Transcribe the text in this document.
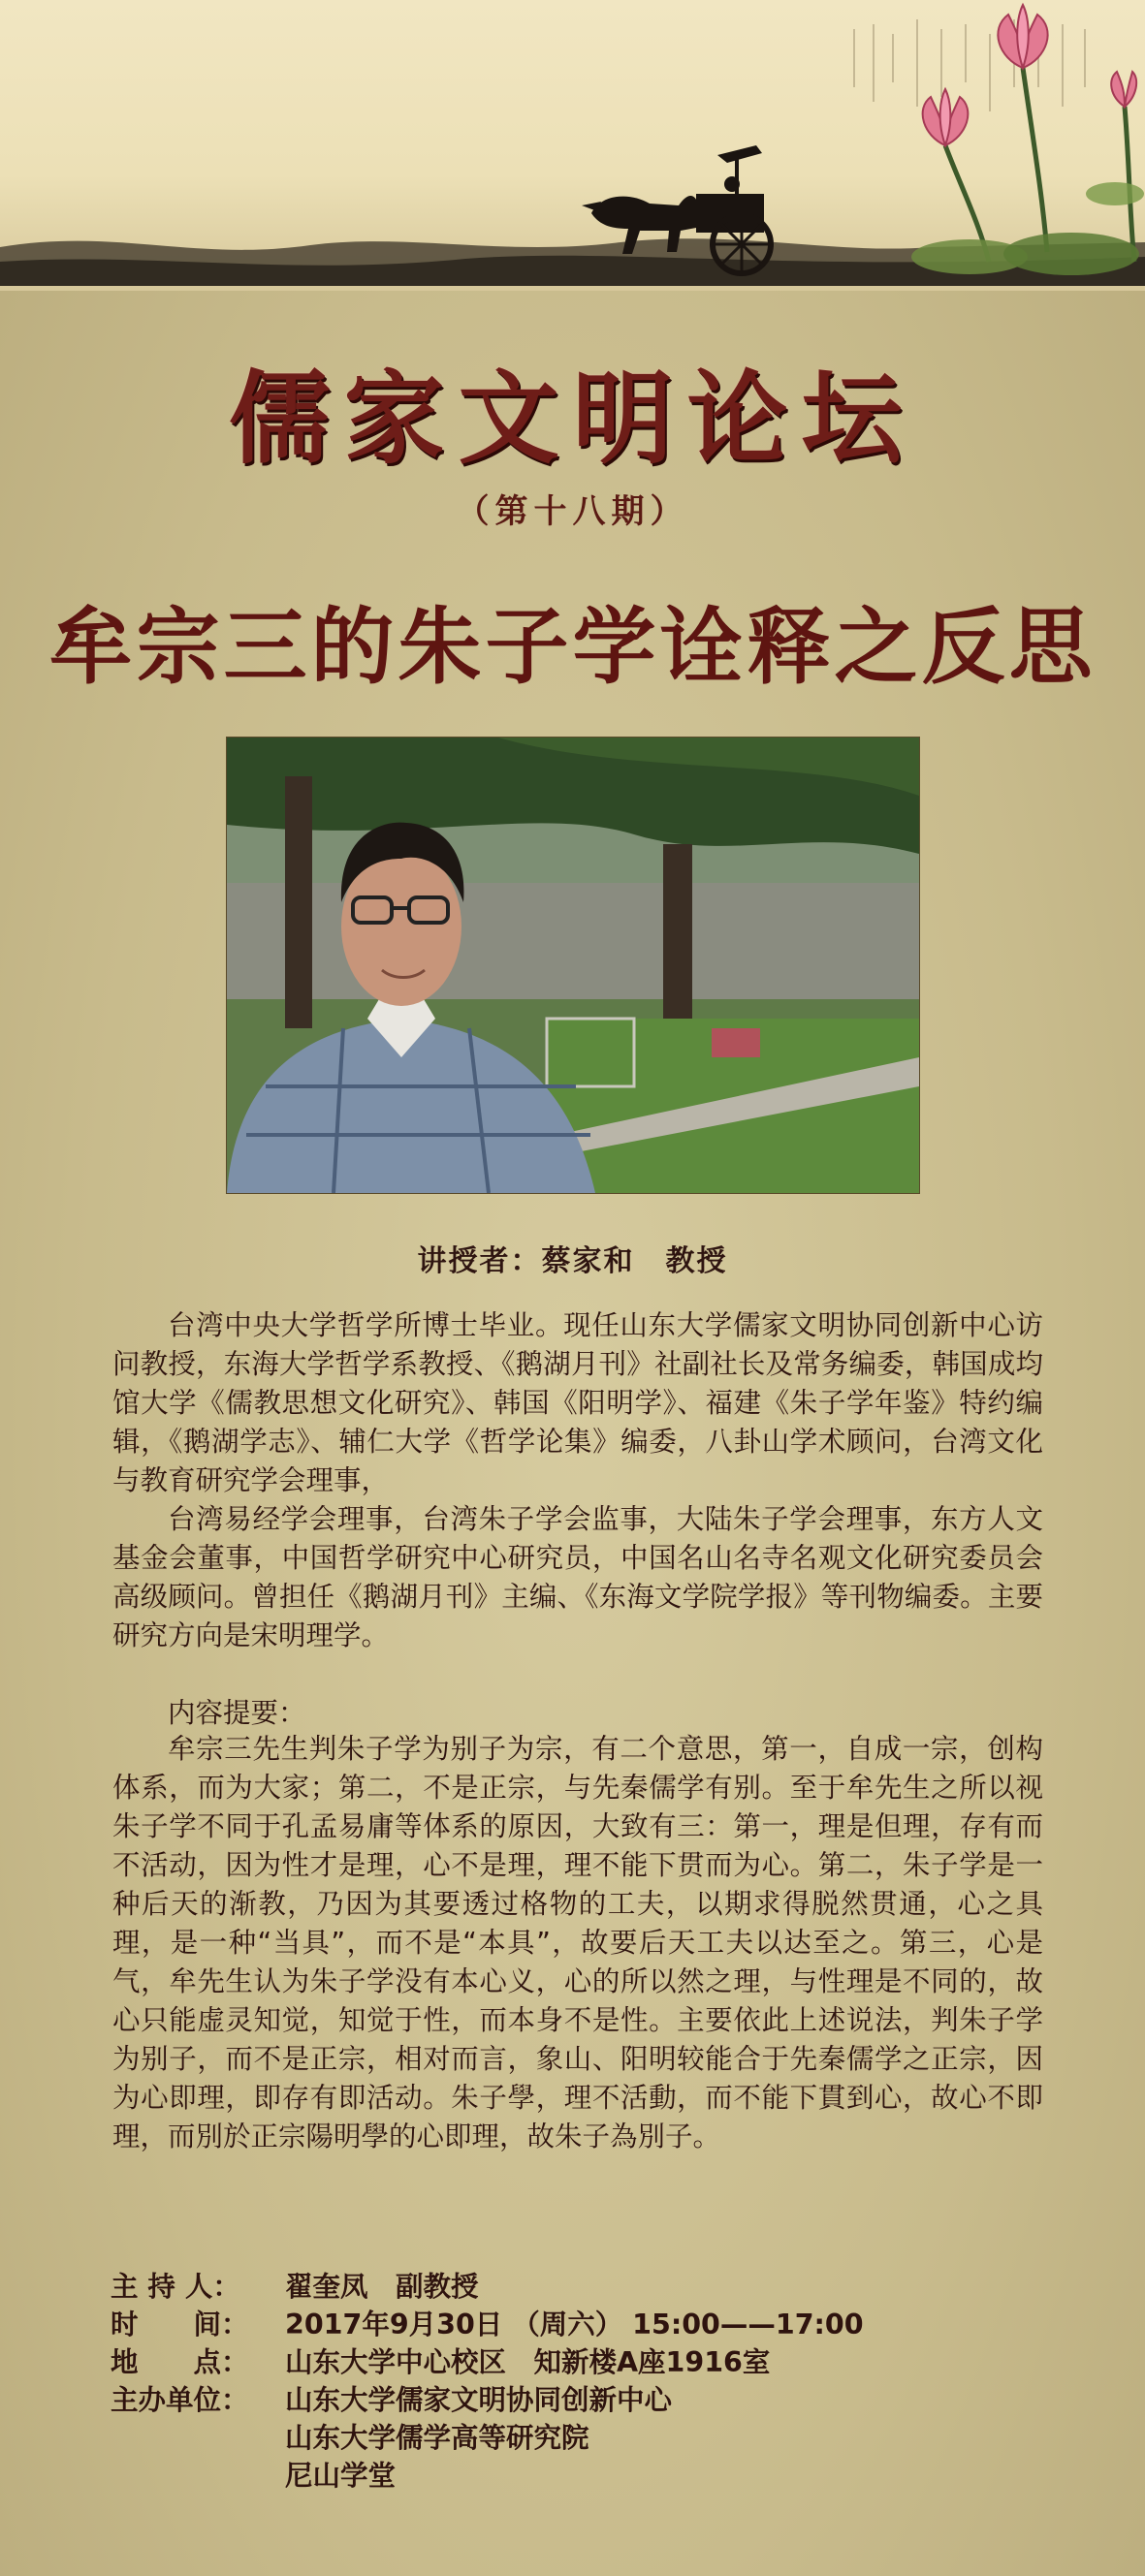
儒家文明论坛
（第十八期）
牟宗三的朱子学诠释之反思
讲授者：蔡家和　教授

台湾中央大学哲学所博士毕业。现任山东大学儒家文明协同创新中心访问教授，东海大学哲学系教授、《鹅湖月刊》社副社长及常务编委，韩国成均馆大学《儒教思想文化研究》、韩国《阳明学》、福建《朱子学年鉴》特约编辑，《鹅湖学志》、辅仁大学《哲学论集》编委，八卦山学术顾问，台湾文化与教育研究学会理事，

台湾易经学会理事，台湾朱子学会监事，大陆朱子学会理事，东方人文基金会董事，中国哲学研究中心研究员，中国名山名寺名观文化研究委员会高级顾问。曾担任《鹅湖月刊》主编、《东海文学院学报》等刊物编委。主要研究方向是宋明理学。

内容提要：

牟宗三先生判朱子学为别子为宗，有二个意思，第一，自成一宗，创构体系，而为大家；第二，不是正宗，与先秦儒学有别。至于牟先生之所以视朱子学不同于孔孟易庸等体系的原因，大致有三：第一，理是但理，存有而不活动，因为性才是理，心不是理，理不能下贯而为心。第二，朱子学是一种后天的渐教，乃因为其要透过格物的工夫，以期求得脱然贯通，心之具理，是一种“当具”，而不是“本具”，故要后天工夫以达至之。第三，心是气，牟先生认为朱子学没有本心义，心的所以然之理，与性理是不同的，故心只能虚灵知觉，知觉于性，而本身不是性。主要依此上述说法，判朱子学为别子，而不是正宗，相对而言，象山、阳明较能合于先秦儒学之正宗，因为心即理，即存有即活动。朱子學，理不活動，而不能下貫到心，故心不即理，而別於正宗陽明學的心即理，故朱子為別子。

主 持 人：	翟奎凤　副教授
时　　间：	2017年9月30日 （周六） 15:00——17:00
地　　点：	山东大学中心校区　知新楼A座1916室
主办单位：	山东大学儒家文明协同创新中心
山东大学儒学高等研究院
尼山学堂
